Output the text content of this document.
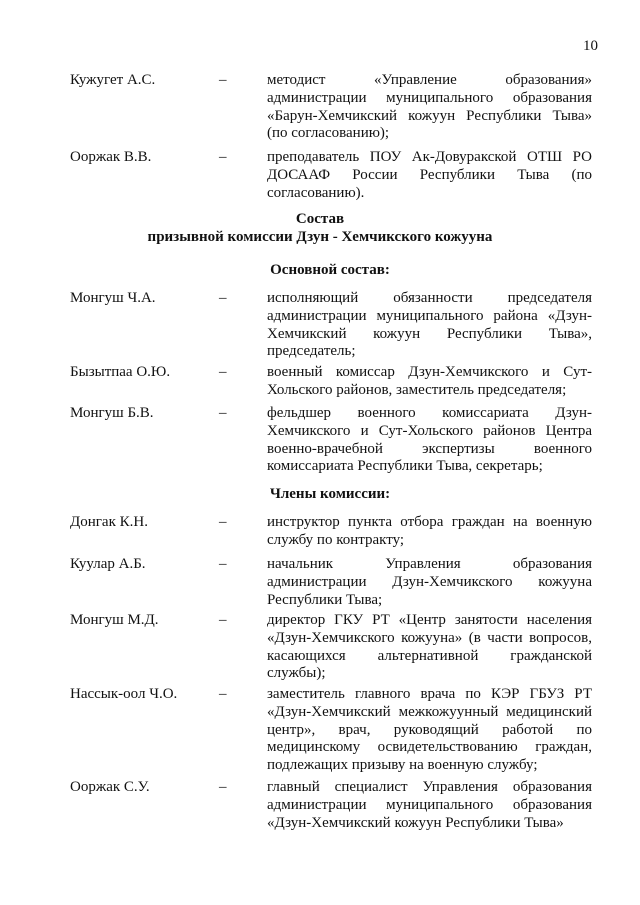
10
Кужугет А.С.	–	методист «Управление образования» администрации муниципального образования «Барун-Хемчикский кожуун Республики Тыва» (по согласованию);
Ооржак В.В.	–	преподаватель ПОУ Ак-Довуракской ОТШ РО ДОСААФ России Республики Тыва (по согласованию).
Состав
призывной комиссии Дзун - Хемчикского кожууна
Основной состав:
Монгуш Ч.А.	–	исполняющий обязанности председателя администрации муниципального района «Дзун-Хемчикский кожуун Республики Тыва», председатель;
Бызытпаа О.Ю.	–	военный комиссар Дзун-Хемчикского и Сут-Хольского районов, заместитель председателя;
Монгуш Б.В.	–	фельдшер военного комиссариата Дзун-Хемчикского и Сут-Хольского районов Центра военно-врачебной экспертизы военного комиссариата Республики Тыва, секретарь;
Члены комиссии:
Донгак К.Н.	–	инструктор пункта отбора граждан на военную службу по контракту;
Куулар А.Б.	–	начальник Управления образования администрации Дзун-Хемчикского кожууна Республики Тыва;
Монгуш М.Д.	–	директор ГКУ РТ «Центр занятости населения «Дзун-Хемчикского кожууна» (в части вопросов, касающихся альтернативной гражданской службы);
Нассык-оол Ч.О.	–	заместитель главного врача по КЭР ГБУЗ РТ «Дзун-Хемчикский межкожуунный медицинский центр», врач, руководящий работой по медицинскому освидетельствованию граждан, подлежащих призыву на военную службу;
Ооржак С.У.	–	главный специалист Управления образования администрации муниципального образования «Дзун-Хемчикский кожуун Республики Тыва»
